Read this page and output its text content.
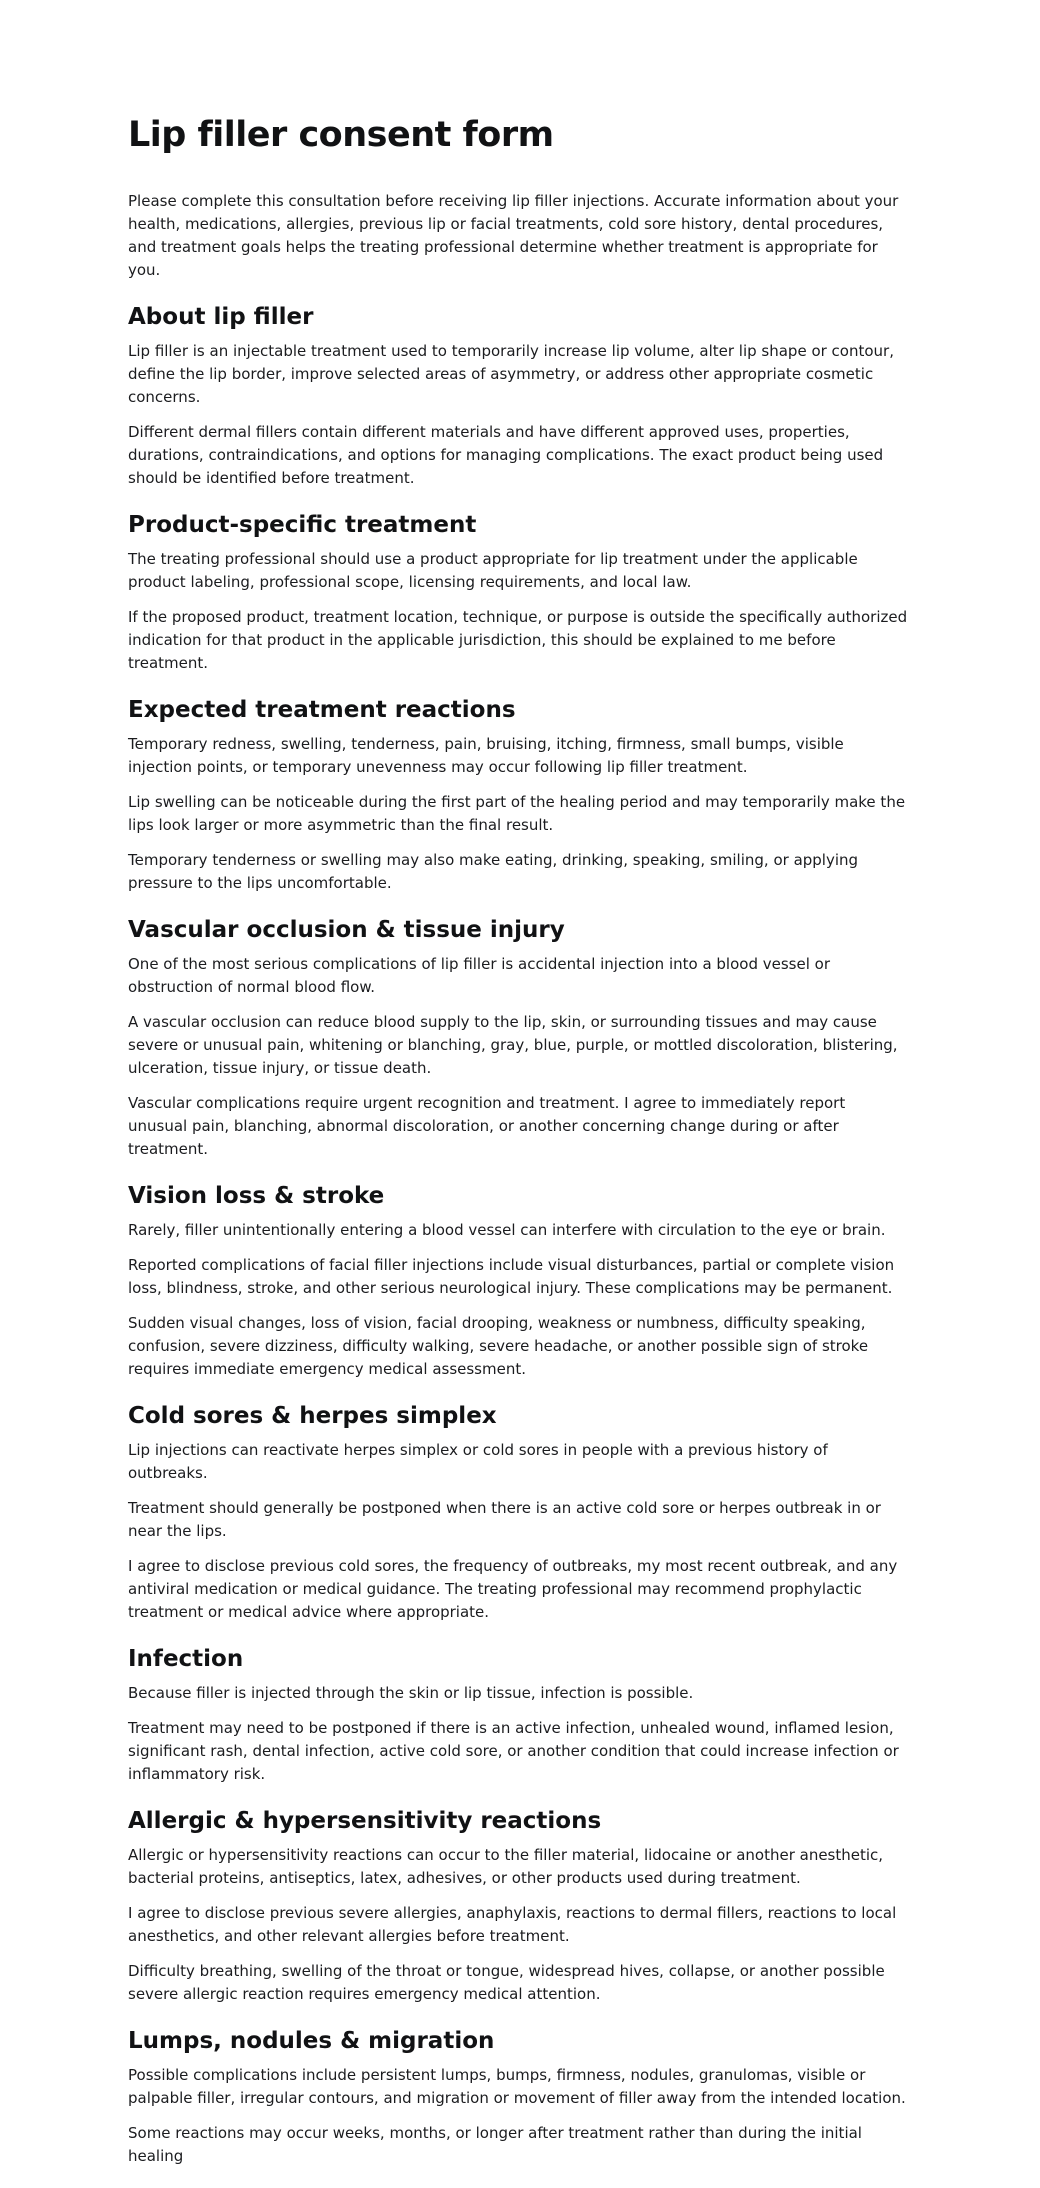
Lip filler consent form

Please complete this consultation before receiving lip filler injections. Accurate information about your health, medications, allergies, previous lip or facial treatments, cold sore history, dental procedures, and treatment goals helps the treating professional determine whether treatment is appropriate for you.

About lip filler

Lip filler is an injectable treatment used to temporarily increase lip volume, alter lip shape or contour, define the lip border, improve selected areas of asymmetry, or address other appropriate cosmetic concerns.

Different dermal fillers contain different materials and have different approved uses, properties, durations, contraindications, and options for managing complications. The exact product being used should be identified before treatment.

Product-specific treatment

The treating professional should use a product appropriate for lip treatment under the applicable product labeling, professional scope, licensing requirements, and local law.

If the proposed product, treatment location, technique, or purpose is outside the specifically authorized indication for that product in the applicable jurisdiction, this should be explained to me before treatment.

Expected treatment reactions

Temporary redness, swelling, tenderness, pain, bruising, itching, firmness, small bumps, visible injection points, or temporary unevenness may occur following lip filler treatment.

Lip swelling can be noticeable during the first part of the healing period and may temporarily make the lips look larger or more asymmetric than the final result.

Temporary tenderness or swelling may also make eating, drinking, speaking, smiling, or applying pressure to the lips uncomfortable.

Vascular occlusion & tissue injury

One of the most serious complications of lip filler is accidental injection into a blood vessel or obstruction of normal blood flow.

A vascular occlusion can reduce blood supply to the lip, skin, or surrounding tissues and may cause severe or unusual pain, whitening or blanching, gray, blue, purple, or mottled discoloration, blistering, ulceration, tissue injury, or tissue death.

Vascular complications require urgent recognition and treatment. I agree to immediately report unusual pain, blanching, abnormal discoloration, or another concerning change during or after treatment.

Vision loss & stroke

Rarely, filler unintentionally entering a blood vessel can interfere with circulation to the eye or brain.

Reported complications of facial filler injections include visual disturbances, partial or complete vision loss, blindness, stroke, and other serious neurological injury. These complications may be permanent.

Sudden visual changes, loss of vision, facial drooping, weakness or numbness, difficulty speaking, confusion, severe dizziness, difficulty walking, severe headache, or another possible sign of stroke requires immediate emergency medical assessment.

Cold sores & herpes simplex

Lip injections can reactivate herpes simplex or cold sores in people with a previous history of outbreaks.

Treatment should generally be postponed when there is an active cold sore or herpes outbreak in or near the lips.

I agree to disclose previous cold sores, the frequency of outbreaks, my most recent outbreak, and any antiviral medication or medical guidance. The treating professional may recommend prophylactic treatment or medical advice where appropriate.

Infection

Because filler is injected through the skin or lip tissue, infection is possible.

Treatment may need to be postponed if there is an active infection, unhealed wound, inflamed lesion, significant rash, dental infection, active cold sore, or another condition that could increase infection or inflammatory risk.

Allergic & hypersensitivity reactions

Allergic or hypersensitivity reactions can occur to the filler material, lidocaine or another anesthetic, bacterial proteins, antiseptics, latex, adhesives, or other products used during treatment.

I agree to disclose previous severe allergies, anaphylaxis, reactions to dermal fillers, reactions to local anesthetics, and other relevant allergies before treatment.

Difficulty breathing, swelling of the throat or tongue, widespread hives, collapse, or another possible severe allergic reaction requires emergency medical attention.

Lumps, nodules & migration

Possible complications include persistent lumps, bumps, firmness, nodules, granulomas, visible or palpable filler, irregular contours, and migration or movement of filler away from the intended location.

Some reactions may occur weeks, months, or longer after treatment rather than during the initial healing
